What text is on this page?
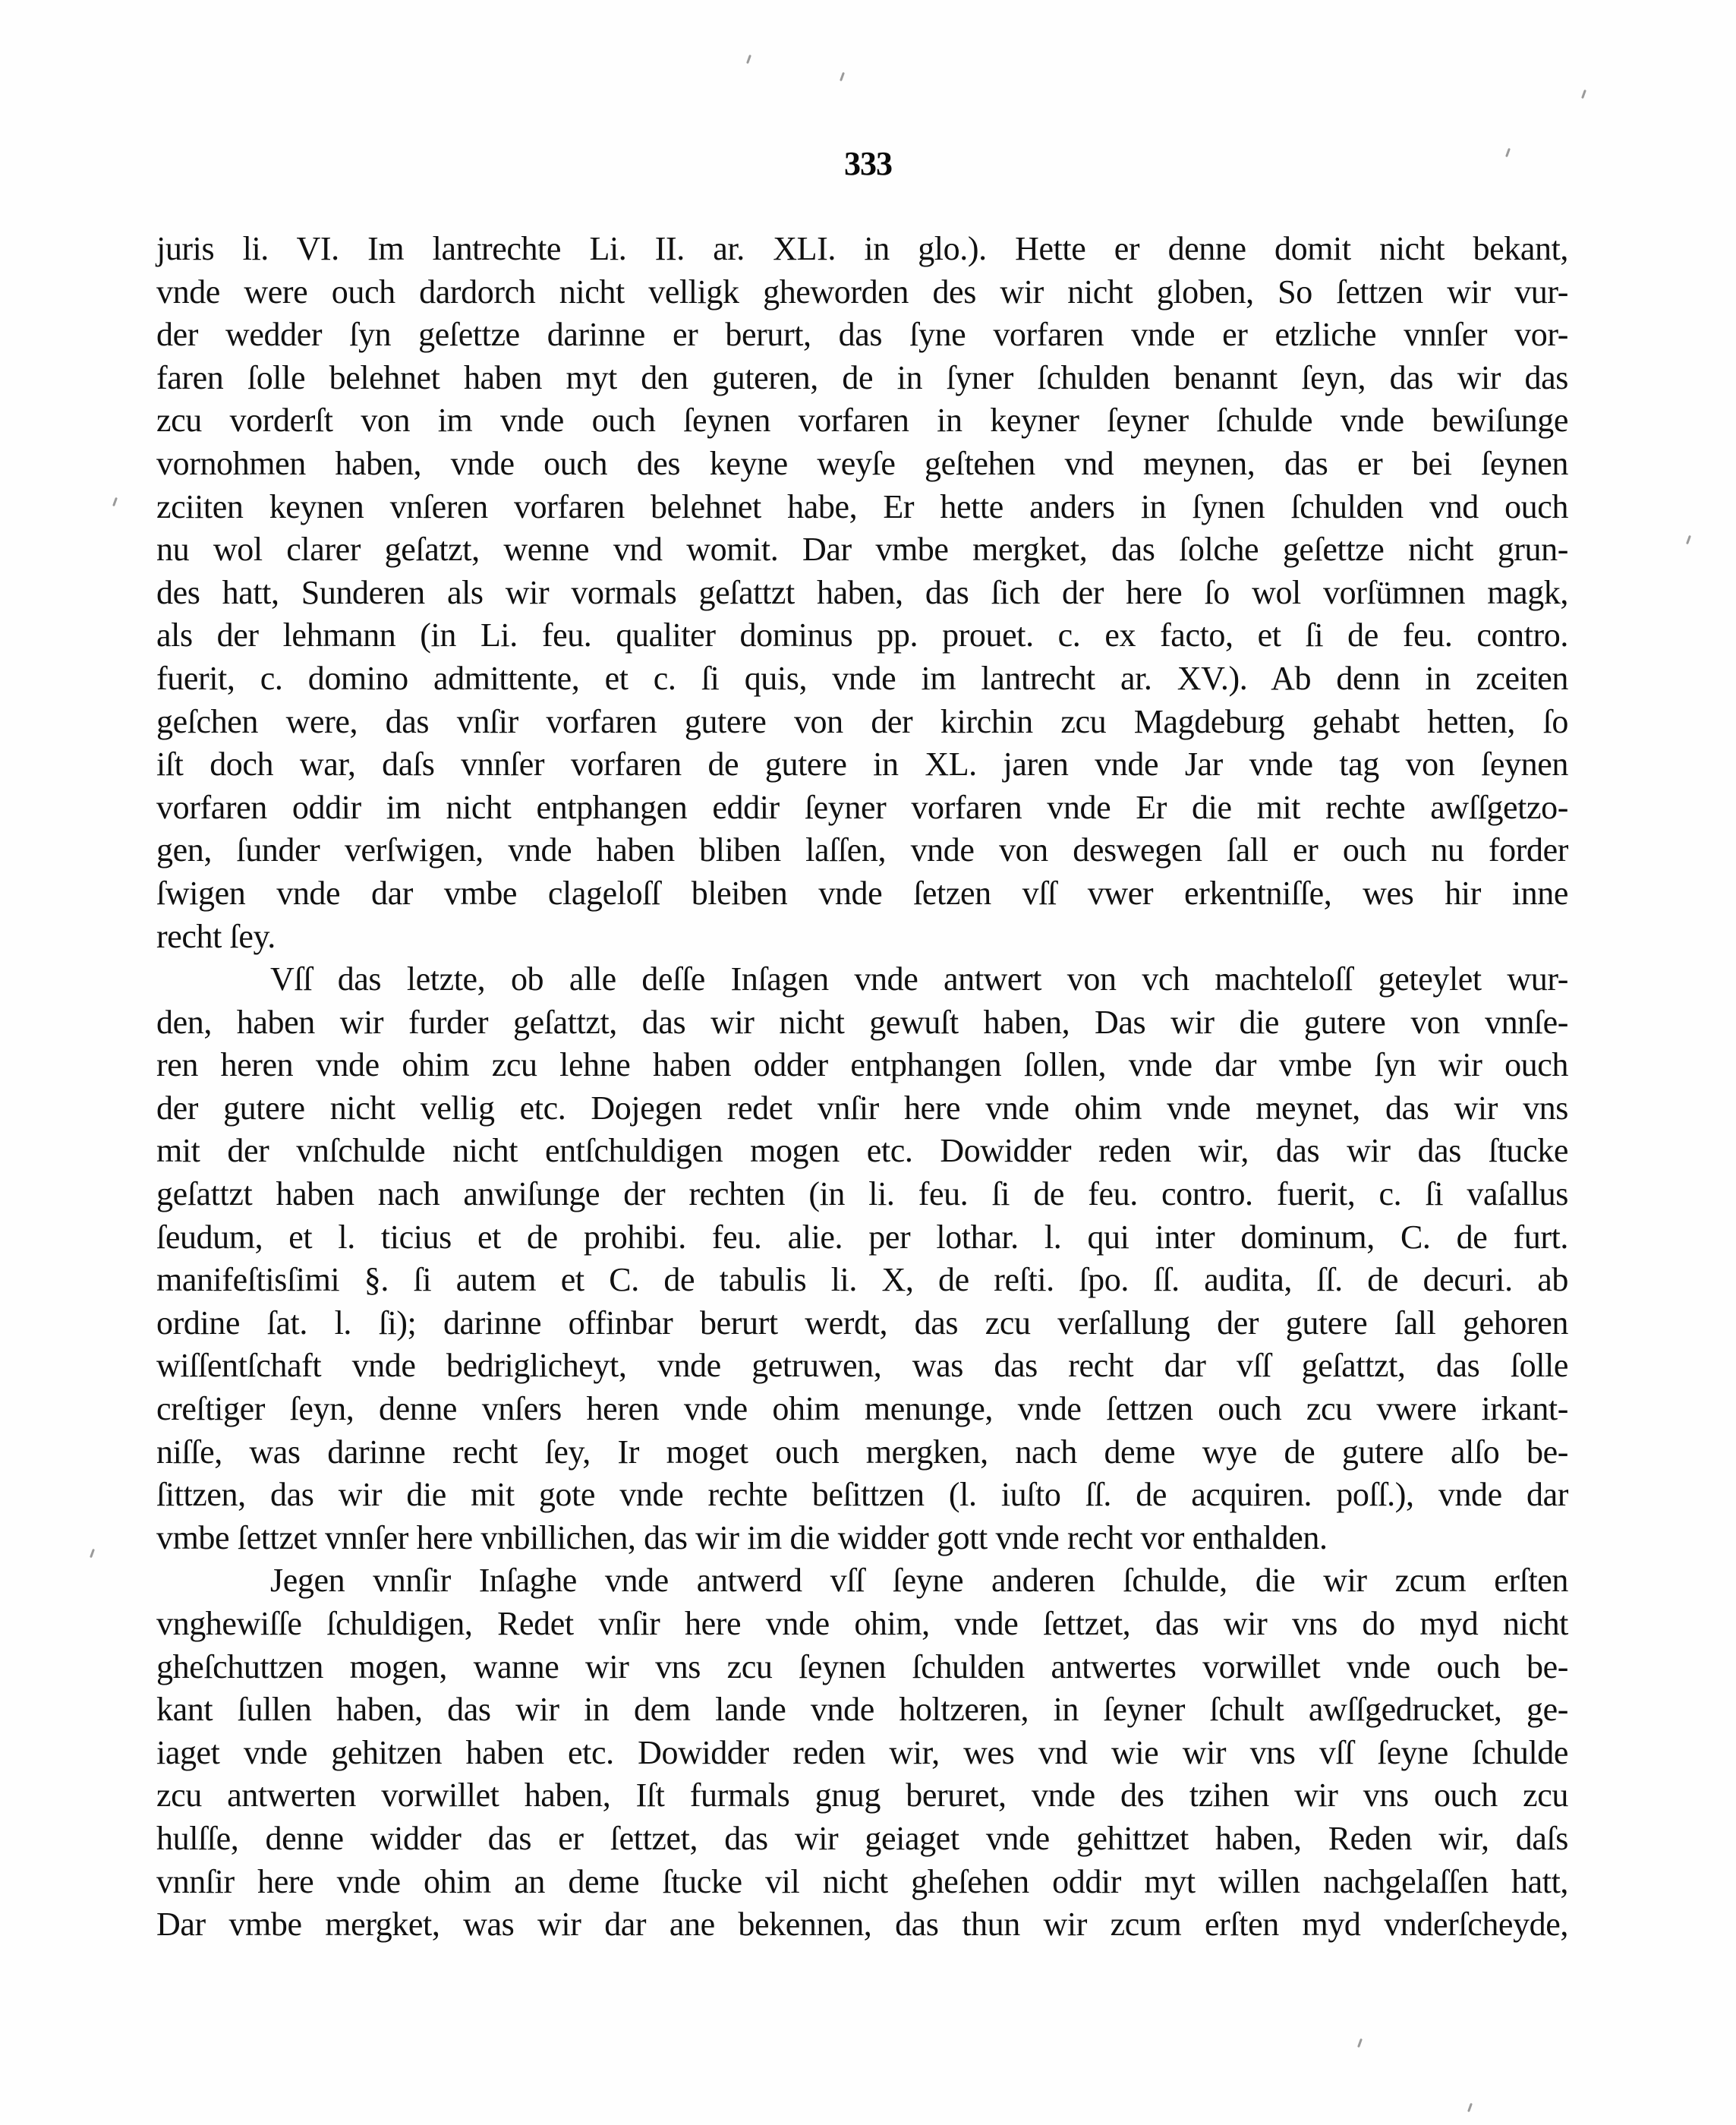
333
juris li. VI. Im lantrechte Li. II. ar. XLI. in glo.). Hette er denne domit nicht bekant,
vnde were ouch dardorch nicht velligk gheworden des wir nicht globen, So ſettzen wir vur-
der wedder ſyn geſettze darinne er berurt, das ſyne vorfaren vnde er etzliche vnnſer vor-
faren ſolle belehnet haben myt den guteren, de in ſyner ſchulden benannt ſeyn, das wir das
zcu vorderſt von im vnde ouch ſeynen vorfaren in keyner ſeyner ſchulde vnde bewiſunge
vornohmen haben, vnde ouch des keyne weyſe geſtehen vnd meynen, das er bei ſeynen
zciiten keynen vnſeren vorfaren belehnet habe, Er hette anders in ſynen ſchulden vnd ouch
nu wol clarer geſatzt, wenne vnd womit. Dar vmbe mergket, das ſolche geſettze nicht grun-
des hatt, Sunderen als wir vormals geſattzt haben, das ſich der here ſo wol vorſümnen magk,
als der lehmann (in Li. feu. qualiter dominus pp. prouet. c. ex facto, et ſi de feu. contro.
fuerit, c. domino admittente, et c. ſi quis, vnde im lantrecht ar. XV.). Ab denn in zceiten
geſchen were, das vnſir vorfaren gutere von der kirchin zcu Magdeburg gehabt hetten, ſo
iſt doch war, daſs vnnſer vorfaren de gutere in XL. jaren vnde Jar vnde tag von ſeynen
vorfaren oddir im nicht entphangen eddir ſeyner vorfaren vnde Er die mit rechte awſſgetzo-
gen, ſunder verſwigen, vnde haben bliben laſſen, vnde von deswegen ſall er ouch nu forder
ſwigen vnde dar vmbe clageloſſ bleiben vnde ſetzen vſſ vwer erkentniſſe, wes hir inne
recht ſey.
Vſſ das letzte, ob alle deſſe Inſagen vnde antwert von vch machteloſſ geteylet wur-
den, haben wir furder geſattzt, das wir nicht gewuſt haben, Das wir die gutere von vnnſe-
ren heren vnde ohim zcu lehne haben odder entphangen ſollen, vnde dar vmbe ſyn wir ouch
der gutere nicht vellig etc. Dojegen redet vnſir here vnde ohim vnde meynet, das wir vns
mit der vnſchulde nicht entſchuldigen mogen etc. Dowidder reden wir, das wir das ſtucke
geſattzt haben nach anwiſunge der rechten (in li. feu. ſi de feu. contro. fuerit, c. ſi vaſallus
ſeudum, et l. ticius et de prohibi. feu. alie. per lothar. l. qui inter dominum, C. de furt.
manifeſtisſimi §. ſi autem et C. de tabulis li. X, de reſti. ſpo. ſſ. audita, ſſ. de decuri. ab
ordine ſat. l. ſi); darinne offinbar berurt werdt, das zcu verſallung der gutere ſall gehoren
wiſſentſchaft vnde bedriglicheyt, vnde getruwen, was das recht dar vſſ geſattzt, das ſolle
creſtiger ſeyn, denne vnſers heren vnde ohim menunge, vnde ſettzen ouch zcu vwere irkant-
niſſe, was darinne recht ſey, Ir moget ouch mergken, nach deme wye de gutere alſo be-
ſittzen, das wir die mit gote vnde rechte beſittzen (l. iuſto ſſ. de acquiren. poſſ.), vnde dar
vmbe ſettzet vnnſer here vnbillichen, das wir im die widder gott vnde recht vor enthalden.
Jegen vnnſir Inſaghe vnde antwerd vſſ ſeyne anderen ſchulde, die wir zcum erſten
vnghewiſſe ſchuldigen, Redet vnſir here vnde ohim, vnde ſettzet, das wir vns do myd nicht
gheſchuttzen mogen, wanne wir vns zcu ſeynen ſchulden antwertes vorwillet vnde ouch be-
kant ſullen haben, das wir in dem lande vnde holtzeren, in ſeyner ſchult awſſgedrucket, ge-
iaget vnde gehitzen haben etc. Dowidder reden wir, wes vnd wie wir vns vſſ ſeyne ſchulde
zcu antwerten vorwillet haben, Iſt furmals gnug beruret, vnde des tzihen wir vns ouch zcu
hulſſe, denne widder das er ſettzet, das wir geiaget vnde gehittzet haben, Reden wir, daſs
vnnſir here vnde ohim an deme ſtucke vil nicht gheſehen oddir myt willen nachgelaſſen hatt,
Dar vmbe mergket, was wir dar ane bekennen, das thun wir zcum erſten myd vnderſcheyde,
